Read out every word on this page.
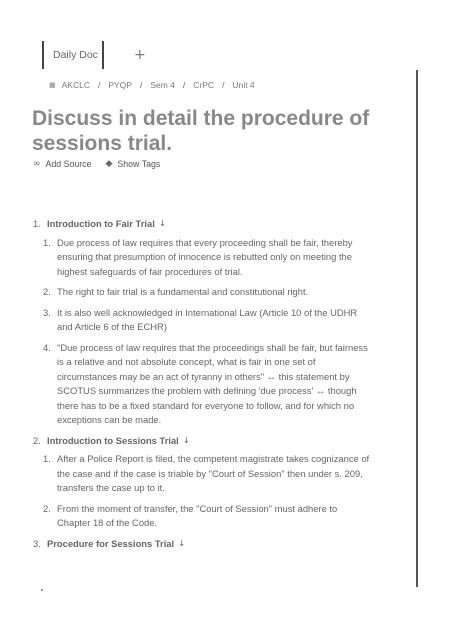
Daily Doc	+
■ AKCLC / PYQP / Sem 4 / CrPC / Unit 4
Discuss in detail the procedure of sessions trial.
∞ Add Source ◆ Show Tags
1. Introduction to Fair Trial ↓
1. Due process of law requires that every proceeding shall be fair, thereby ensuring that presumption of innocence is rebutted only on meeting the highest safeguards of fair procedures of trial.
2. The right to fair trial is a fundamental and constitutional right.
3. It is also well acknowledged in International Law (Article 10 of the UDHR and Article 6 of the ECHR)
4. "Due process of law requires that the proceedings shall be fair, but fairness is a relative and not absolute concept, what is fair in one set of circumstances may be an act of tyranny in others" ↔ this statement by SCOTUS summarizes the problem with defining 'due process' ↔ though there has to be a fixed standard for everyone to follow, and for which no exceptions can be made.
2. Introduction to Sessions Trial ↓
1. After a Police Report is filed, the competent magistrate takes cognizance of the case and if the case is triable by "Court of Session" then under s. 209, transfers the case up to it.
2. From the moment of transfer, the "Court of Session" must adhere to Chapter 18 of the Code.
3. Procedure for Sessions Trial ↓
